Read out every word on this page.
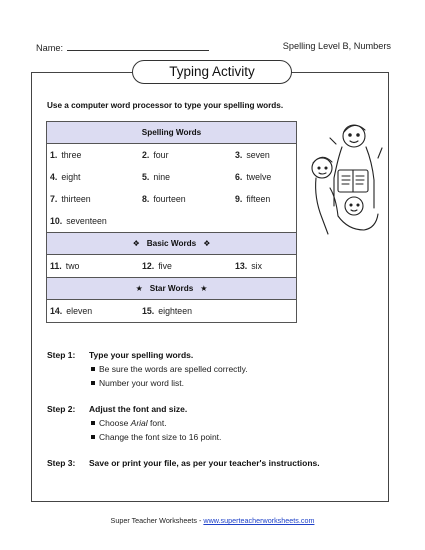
Name:	Spelling Level B, Numbers
Typing Activity
Use a computer word processor to type your spelling words.
Spelling Words
1. three	2. four	3. seven
4. eight	5. nine	6. twelve
7. thirteen	8. fourteen	9. fifteen
10. seventeen
❖ Basic Words ❖
11. two	12. five	13. six
★ Star Words ★
14. eleven	15. eighteen
Step 1: Type your spelling words.
Be sure the words are spelled correctly.
Number your word list.
Step 2: Adjust the font and size.
Choose Arial font.
Change the font size to 16 point.
Step 3: Save or print your file, as per your teacher's instructions.
Super Teacher Worksheets - www.superteacherworksheets.com
